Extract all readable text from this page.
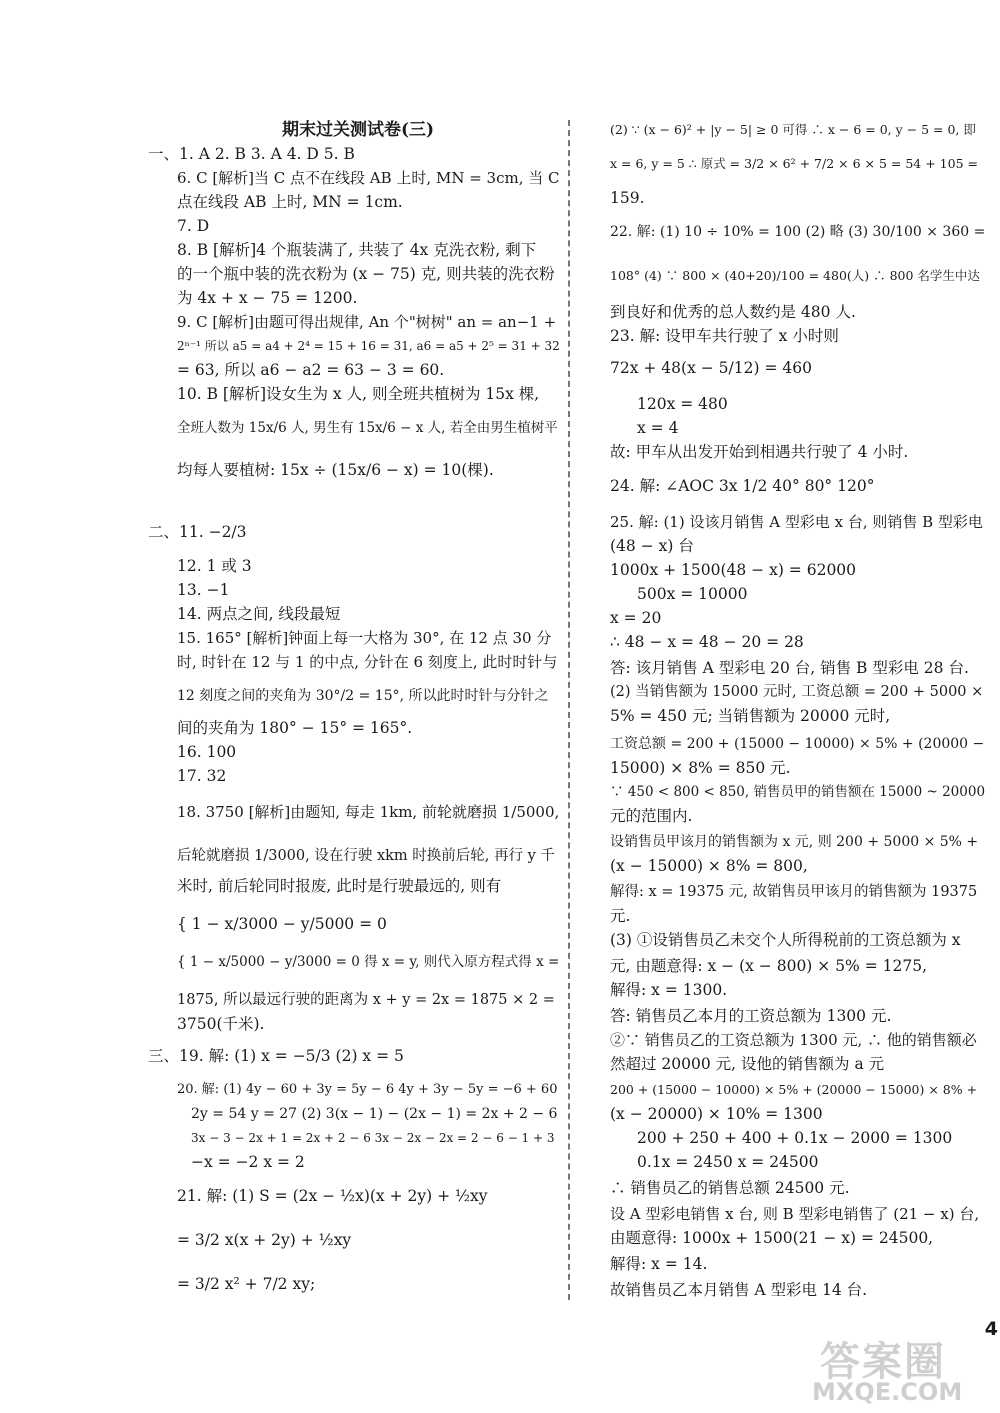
期末过关测试卷(三)
一、1. A 2. B 3. A 4. D 5. B
6. C [解析]当 C 点不在线段 AB 上时, MN = 3cm, 当 C
点在线段 AB 上时, MN = 1cm.
7. D
8. B [解析]4 个瓶装满了, 共装了 4x 克洗衣粉, 剩下
的一个瓶中装的洗衣粉为 (x − 75) 克, 则共装的洗衣粉
为 4x + x − 75 = 1200.
9. C [解析]由题可得出规律, An 个"树树" an = an−1 +
2ⁿ⁻¹ 所以 a5 = a4 + 2⁴ = 15 + 16 = 31, a6 = a5 + 2⁵ = 31 + 32
= 63, 所以 a6 − a2 = 63 − 3 = 60.
10. B [解析]设女生为 x 人, 则全班共植树为 15x 棵,
全班人数为 15x/6 人, 男生有 15x/6 − x 人, 若全由男生植树平
均每人要植树: 15x ÷ (15x/6 − x) = 10(棵).
二、11. −2/3
12. 1 或 3
13. −1
14. 两点之间, 线段最短
15. 165° [解析]钟面上每一大格为 30°, 在 12 点 30 分
时, 时针在 12 与 1 的中点, 分针在 6 刻度上, 此时时针与
12 刻度之间的夹角为 30°/2 = 15°, 所以此时时针与分针之
间的夹角为 180° − 15° = 165°.
16. 100
17. 32
18. 3750 [解析]由题知, 每走 1km, 前轮就磨损 1/5000,
后轮就磨损 1/3000, 设在行驶 xkm 时换前后轮, 再行 y 千
米时, 前后轮同时报废, 此时是行驶最远的, 则有
{ 1 − x/3000 − y/5000 = 0
{ 1 − x/5000 − y/3000 = 0 得 x = y, 则代入原方程式得 x =
1875, 所以最远行驶的距离为 x + y = 2x = 1875 × 2 =
3750(千米).
三、19. 解: (1) x = −5/3 (2) x = 5
20. 解: (1) 4y − 60 + 3y = 5y − 6 4y + 3y − 5y = −6 + 60
2y = 54 y = 27 (2) 3(x − 1) − (2x − 1) = 2x + 2 − 6
3x − 3 − 2x + 1 = 2x + 2 − 6 3x − 2x − 2x = 2 − 6 − 1 + 3
−x = −2 x = 2
21. 解: (1) S = (2x − ½x)(x + 2y) + ½xy
= 3/2 x(x + 2y) + ½xy
= 3/2 x² + 7/2 xy;
(2) ∵ (x − 6)² + |y − 5| ≥ 0 可得 ∴ x − 6 = 0, y − 5 = 0, 即
x = 6, y = 5 ∴ 原式 = 3/2 × 6² + 7/2 × 6 × 5 = 54 + 105 =
159.
22. 解: (1) 10 ÷ 10% = 100 (2) 略 (3) 30/100 × 360 =
108° (4) ∵ 800 × (40+20)/100 = 480(人) ∴ 800 名学生中达
到良好和优秀的总人数约是 480 人.
23. 解: 设甲车共行驶了 x 小时则
72x + 48(x − 5/12) = 460
120x = 480
x = 4
故: 甲车从出发开始到相遇共行驶了 4 小时.
24. 解: ∠AOC 3x 1/2 40° 80° 120°
25. 解: (1) 设该月销售 A 型彩电 x 台, 则销售 B 型彩电
(48 − x) 台
1000x + 1500(48 − x) = 62000
500x = 10000
x = 20
∴ 48 − x = 48 − 20 = 28
答: 该月销售 A 型彩电 20 台, 销售 B 型彩电 28 台.
(2) 当销售额为 15000 元时, 工资总额 = 200 + 5000 ×
5% = 450 元; 当销售额为 20000 元时,
工资总额 = 200 + (15000 − 10000) × 5% + (20000 −
15000) × 8% = 850 元.
∵ 450 < 800 < 850, 销售员甲的销售额在 15000 ~ 20000
元的范围内.
设销售员甲该月的销售额为 x 元, 则 200 + 5000 × 5% +
(x − 15000) × 8% = 800,
解得: x = 19375 元, 故销售员甲该月的销售额为 19375
元.
(3) ①设销售员乙未交个人所得税前的工资总额为 x
元, 由题意得: x − (x − 800) × 5% = 1275,
解得: x = 1300.
答: 销售员乙本月的工资总额为 1300 元.
②∵ 销售员乙的工资总额为 1300 元, ∴ 他的销售额必
然超过 20000 元, 设他的销售额为 a 元
200 + (15000 − 10000) × 5% + (20000 − 15000) × 8% +
(x − 20000) × 10% = 1300
200 + 250 + 400 + 0.1x − 2000 = 1300
0.1x = 2450 x = 24500
∴ 销售员乙的销售总额 24500 元.
设 A 型彩电销售 x 台, 则 B 型彩电销售了 (21 − x) 台,
由题意得: 1000x + 1500(21 − x) = 24500,
解得: x = 14.
故销售员乙本月销售 A 型彩电 14 台.
4
答案圈
MXQE.COM
